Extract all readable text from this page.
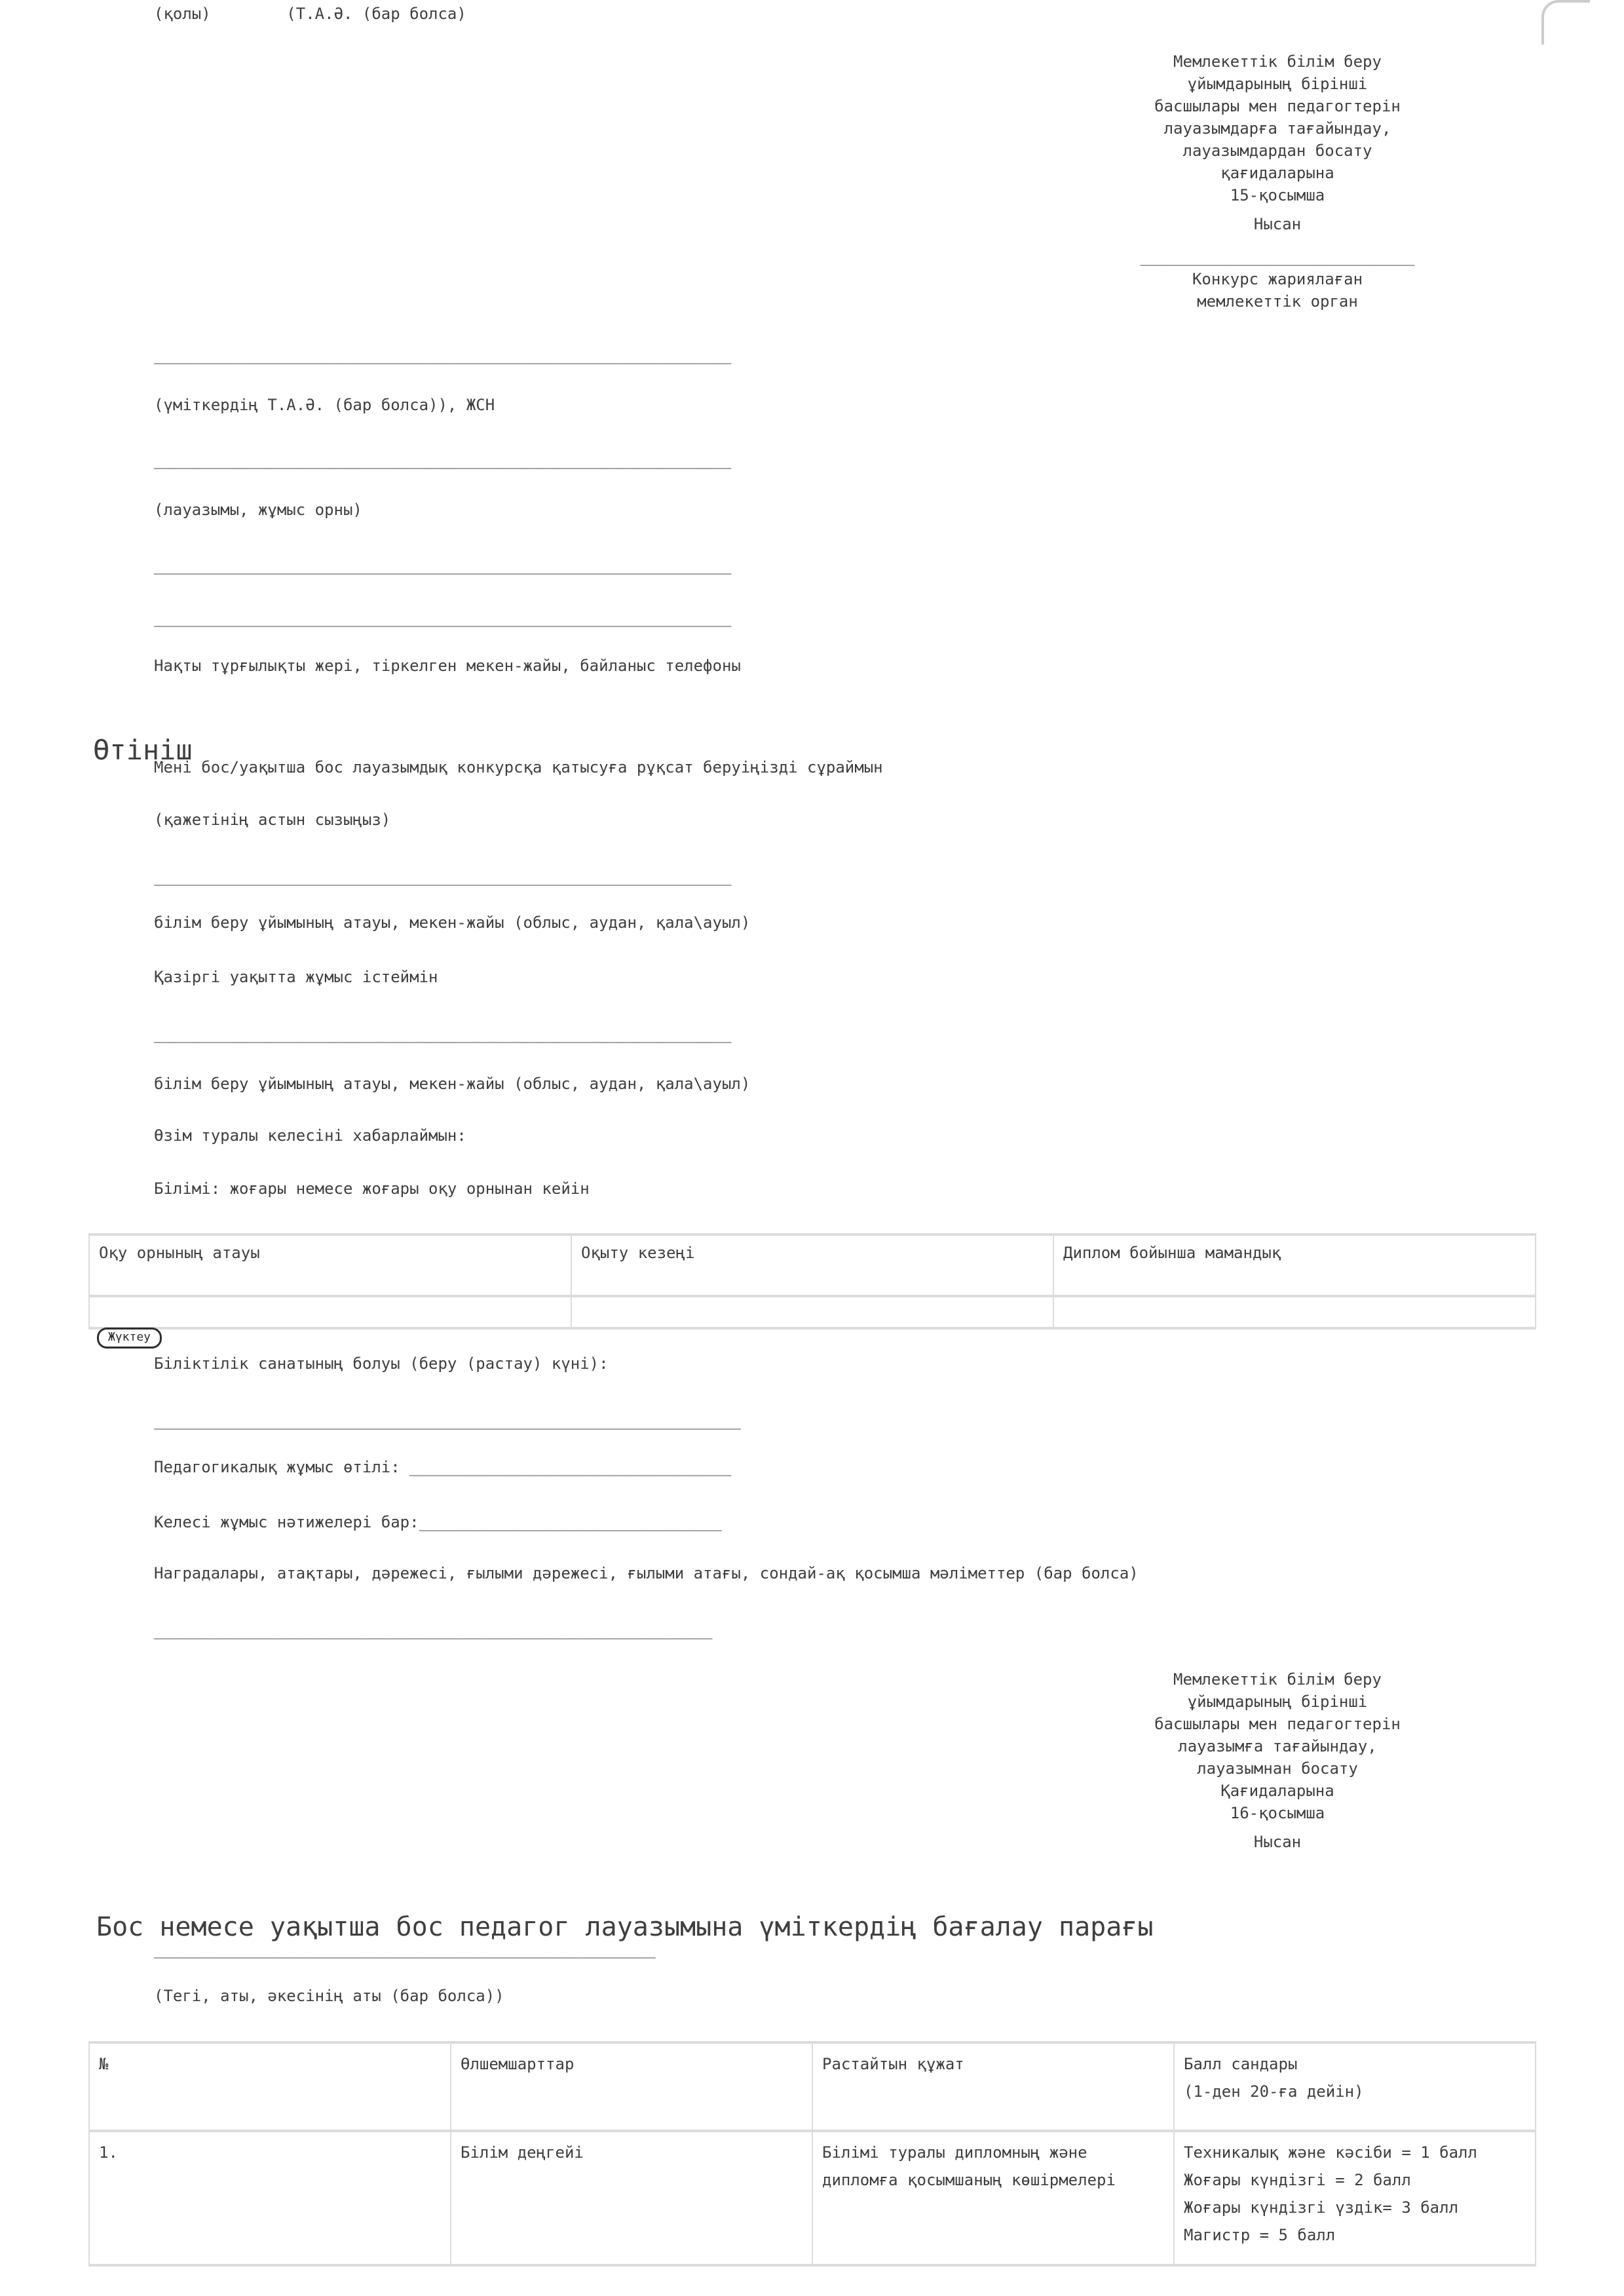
(қолы)        (Т.А.Ә. (бар болса)
Мемлекеттік білім беру
ұйымдарының бірінші
басшылары мен педагогтерін
лауазымдарға тағайындау,
лауазымдардан босату
қағидаларына
15-қосымша

Нысан

_____________________________
Конкурс жариялаған
мемлекеттік орган
_____________________________________________________________
(үміткердің Т.А.Ә. (бар болса)), ЖСН
_____________________________________________________________
(лауазымы, жұмыс орны)
_____________________________________________________________
_____________________________________________________________
Нақты тұрғылықты жері, тіркелген мекен-жайы, байланыс телефоны
Өтініш
Мені бос/уақытша бос лауазымдық конкурсқа қатысуға рұқсат беруіңізді сұраймын
(қажетінің астын сызыңыз)
_____________________________________________________________
білім беру ұйымының атауы, мекен-жайы (облыс, аудан, қала\ауыл)
Қазіргі уақытта жұмыс істеймін
_____________________________________________________________
білім беру ұйымының атауы, мекен-жайы (облыс, аудан, қала\ауыл)
Өзім туралы келесіні хабарлаймын:
Білімі: жоғары немесе жоғары оқу орнынан кейін
Оқу орнының атауы	Оқыту кезеңі	Диплом бойынша мамандық

Жүктеу
Біліктілік санатының болуы (беру (растау) күні):
______________________________________________________________
Педагогикалық жұмыс өтілі: __________________________________
Келесі жұмыс нәтижелері бар:________________________________
Наградалары, атақтары, дәрежесі, ғылыми дәрежесі, ғылыми атағы, сондай-ақ қосымша мәліметтер (бар болса)
___________________________________________________________
Мемлекеттік білім беру
ұйымдарының бірінші
басшылары мен педагогтерін
лауазымға тағайындау,
лауазымнан босату
Қағидаларына
16-қосымша

Нысан

Бос немесе уақытша бос педагог лауазымына үміткердің бағалау парағы
_____________________________________________________
(Тегі, аты, әкесінің аты (бар болса))
№	Өлшемшарттар	Растайтын құжат	Балл сандары
(1-ден 20-ға дейін)

1.	Білім деңгейі	Білімі туралы дипломның және дипломға қосымшаның көшірмелері	Техникалық және кәсіби = 1 балл
Жоғары күндізгі = 2 балл
Жоғары күндізгі үздік= 3 балл
Магистр = 5 балл
